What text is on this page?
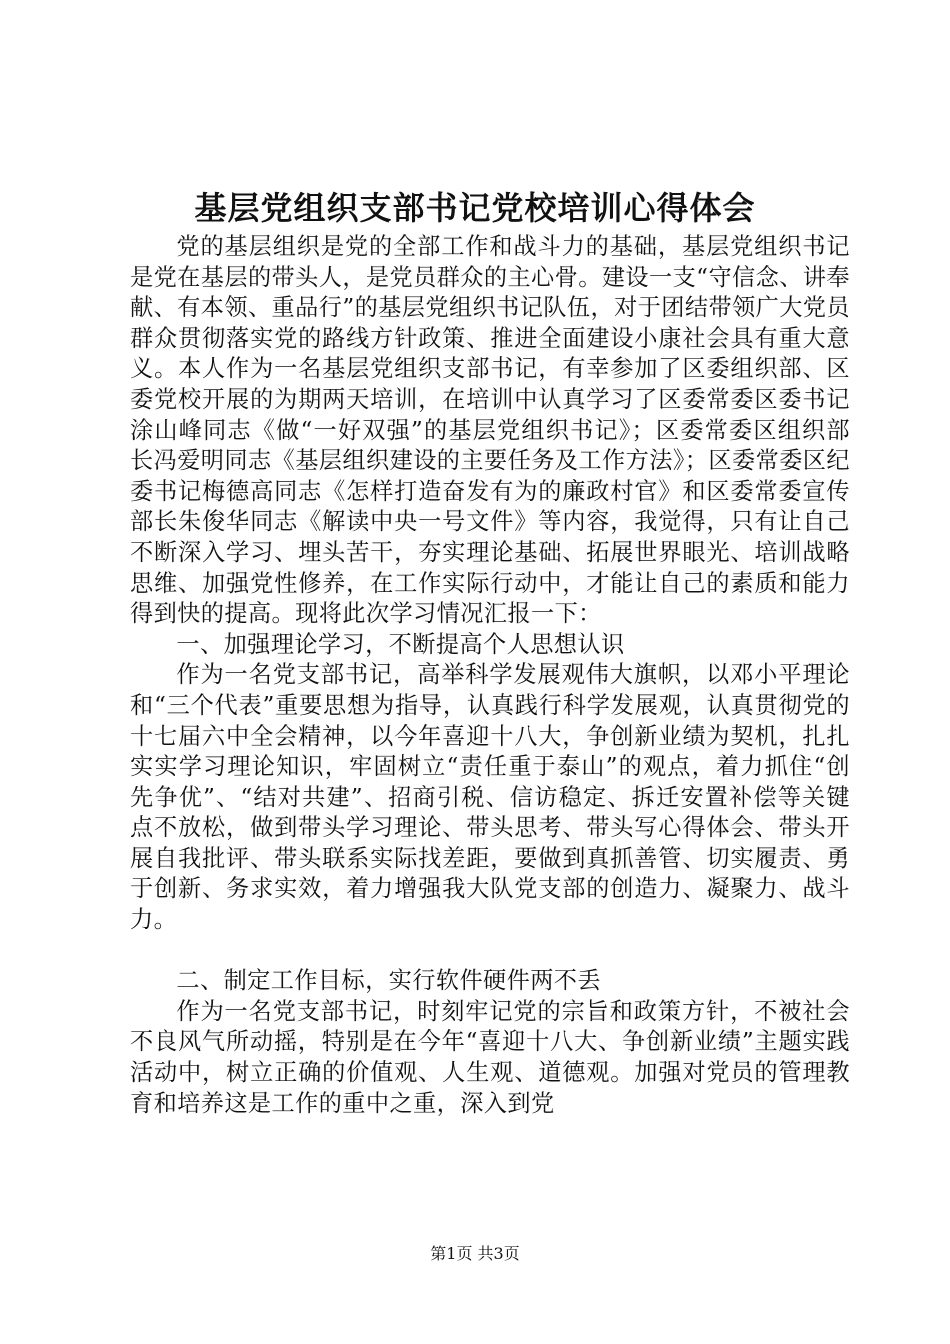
基层党组织支部书记党校培训心得体会

党的基层组织是党的全部工作和战斗力的基础，基层党组织书记是党在基层的带头人，是党员群众的主心骨。建设一支“守信念、讲奉献、有本领、重品行”的基层党组织书记队伍，对于团结带领广大党员群众贯彻落实党的路线方针政策、推进全面建设小康社会具有重大意义。本人作为一名基层党组织支部书记，有幸参加了区委组织部、区委党校开展的为期两天培训，在培训中认真学习了区委常委区委书记涂山峰同志《做“一好双强”的基层党组织书记》；区委常委区组织部长冯爱明同志《基层组织建设的主要任务及工作方法》；区委常委区纪委书记梅德高同志《怎样打造奋发有为的廉政村官》和区委常委宣传部长朱俊华同志《解读中央一号文件》等内容，我觉得，只有让自己不断深入学习、埋头苦干，夯实理论基础、拓展世界眼光、培训战略思维、加强党性修养，在工作实际行动中，才能让自己的素质和能力得到快的提高。现将此次学习情况汇报一下：

一、加强理论学习，不断提高个人思想认识

作为一名党支部书记，高举科学发展观伟大旗帜，以邓小平理论和“三个代表”重要思想为指导，认真践行科学发展观，认真贯彻党的十七届六中全会精神，以今年喜迎十八大，争创新业绩为契机，扎扎实实学习理论知识，牢固树立“责任重于泰山”的观点，着力抓住“创先争优”、“结对共建”、招商引税、信访稳定、拆迁安置补偿等关键点不放松，做到带头学习理论、带头思考、带头写心得体会、带头开展自我批评、带头联系实际找差距，要做到真抓善管、切实履责、勇于创新、务求实效，着力增强我大队党支部的创造力、凝聚力、战斗力。

二、制定工作目标，实行软件硬件两不丢

作为一名党支部书记，时刻牢记党的宗旨和政策方针，不被社会不良风气所动摇，特别是在今年“喜迎十八大、争创新业绩”主题实践活动中，树立正确的价值观、人生观、道德观。加强对党员的管理教育和培养这是工作的重中之重，深入到党

第1页 共3页
